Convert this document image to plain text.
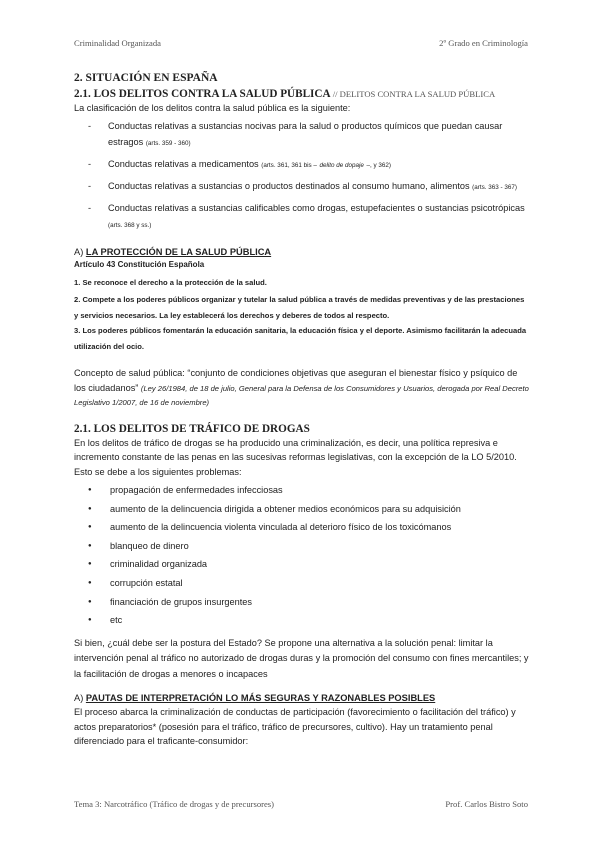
Criminalidad Organizada	2º Grado en Criminología
2. SITUACIÓN EN ESPAÑA
2.1. LOS DELITOS CONTRA LA SALUD PÚBLICA // DELITOS CONTRA LA SALUD PÚBLICA

La clasificación de los delitos contra la salud pública es la siguiente:

- Conductas relativas a sustancias nocivas para la salud o productos químicos que puedan causar estragos (arts. 359 - 360)
- Conductas relativas a medicamentos (arts. 361, 361 bis – delito de dopaje –, y 362)
- Conductas relativas a sustancias o productos destinados al consumo humano, alimentos (arts. 363 - 367)
- Conductas relativas a sustancias calificables como drogas, estupefacientes o sustancias psicotrópicas (arts. 368 y ss.)

A) LA PROTECCIÓN DE LA SALUD PÚBLICA

Artículo 43 Constitución Española

1. Se reconoce el derecho a la protección de la salud.

2. Compete a los poderes públicos organizar y tutelar la salud pública a través de medidas preventivas y de las prestaciones y servicios necesarios. La ley establecerá los derechos y deberes de todos al respecto.

3. Los poderes públicos fomentarán la educación sanitaria, la educación física y el deporte. Asimismo facilitarán la adecuada utilización del ocio.

Concepto de salud pública: “conjunto de condiciones objetivas que aseguran el bienestar físico y psíquico de los ciudadanos” (Ley 26/1984, de 18 de julio, General para la Defensa de los Consumidores y Usuarios, derogada por Real Decreto Legislativo 1/2007, de 16 de noviembre)

2.1. LOS DELITOS DE TRÁFICO DE DROGAS

En los delitos de tráfico de drogas se ha producido una criminalización, es decir, una política represiva e incremento constante de las penas en las sucesivas reformas legislativas, con la excepción de la LO 5/2010.

Esto se debe a los siguientes problemas:

● propagación de enfermedades infecciosas
● aumento de la delincuencia dirigida a obtener medios económicos para su adquisición
● aumento de la delincuencia violenta vinculada al deterioro físico de los toxicómanos
● blanqueo de dinero
● criminalidad organizada
● corrupción estatal
● financiación de grupos insurgentes
● etc

Si bien, ¿cuál debe ser la postura del Estado? Se propone una alternativa a la solución penal: limitar la intervención penal al tráfico no autorizado de drogas duras y la promoción del consumo con fines mercantiles; y la facilitación de drogas a menores o incapaces

A) PAUTAS DE INTERPRETACIÓN LO MÁS SEGURAS Y RAZONABLES POSIBLES

El proceso abarca la criminalización de conductas de participación (favorecimiento o facilitación del tráfico) y actos preparatorios* (posesión para el tráfico, tráfico de precursores, cultivo). Hay un tratamiento penal diferenciado para el traficante-consumidor:

Tema 3: Narcotráfico (Tráfico de drogas y de precursores)	Prof. Carlos Bistro Soto
